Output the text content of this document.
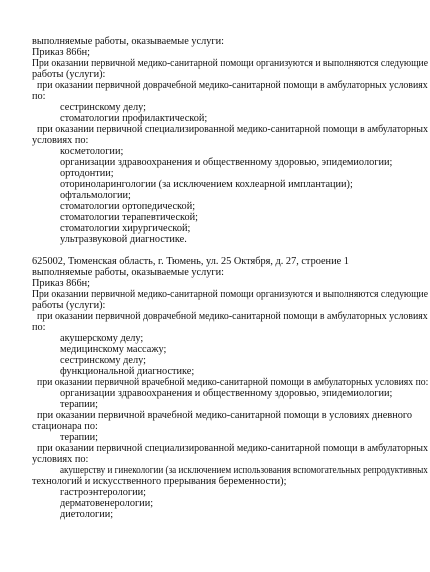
выполняемые работы, оказываемые услуги:
Приказ 866н;
При оказании первичной медико-санитарной помощи организуются и выполняются следующие
работы (услуги):
при оказании первичной доврачебной медико-санитарной помощи в амбулаторных условиях
по:
сестринскому делу;
стоматологии профилактической;
при оказании первичной специализированной медико-санитарной помощи в амбулаторных
условиях по:
косметологии;
организации здравоохранения и общественному здоровью, эпидемиологии;
ортодонтии;
оториноларингологии (за исключением кохлеарной имплантации);
офтальмологии;
стоматологии ортопедической;
стоматологии терапевтической;
стоматологии хирургической;
ультразвуковой диагностике.
625002, Тюменская область, г. Тюмень, ул. 25 Октября, д. 27, строение 1
выполняемые работы, оказываемые услуги:
Приказ 866н;
При оказании первичной медико-санитарной помощи организуются и выполняются следующие
работы (услуги):
при оказании первичной доврачебной медико-санитарной помощи в амбулаторных условиях
по:
акушерскому делу;
медицинскому массажу;
сестринскому делу;
функциональной диагностике;
при оказании первичной врачебной медико-санитарной помощи в амбулаторных условиях по:
организации здравоохранения и общественному здоровью, эпидемиологии;
терапии;
при оказании первичной врачебной медико-санитарной помощи в условиях дневного
стационара по:
терапии;
при оказании первичной специализированной медико-санитарной помощи в амбулаторных
условиях по:
акушерству и гинекологии (за исключением использования вспомогательных репродуктивных
технологий и искусственного прерывания беременности);
гастроэнтерологии;
дерматовенерологии;
диетологии;
